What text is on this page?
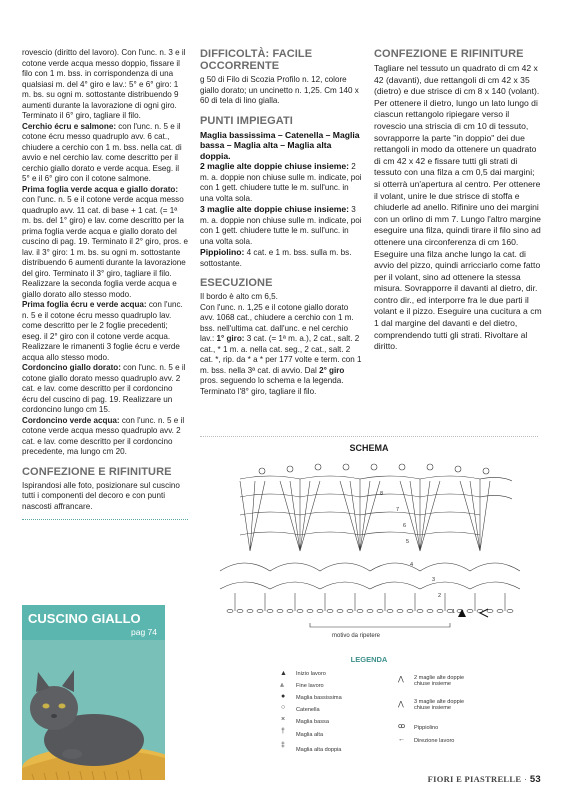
rovescio (diritto del lavoro). Con l'unc. n. 3 e il cotone verde acqua messo doppio, fissare il filo con 1 m. bss. in corrispondenza di una qualsiasi m. del 4° giro e lav.: 5° e 6° giro: 1 m. bs. su ogni m. sottostante distribuendo 9 aumenti durante la lavorazione di ogni giro. Terminato il 6° giro, tagliare il filo.

Cerchio écru e salmone: con l'unc. n. 5 e il cotone écru messo quadruplo avv. 6 cat., chiudere a cerchio con 1 m. bss. nella cat. di avvio e nel cerchio lav. come descritto per il cerchio giallo dorato e verde acqua. Eseg. il 5° e il 6° giro con il cotone salmone.

Prima foglia verde acqua e giallo dorato: con l'unc. n. 5 e il cotone verde acqua messo quadruplo avv. 11 cat. di base + 1 cat. (= 1ª m. bs. del 1° giro) e lav. come descritto per la prima foglia verde acqua e giallo dorato del cuscino di pag. 19. Terminato il 2° giro, pros. e lav. il 3° giro: 1 m. bs. su ogni m. sottostante distribuendo 6 aumenti durante la lavorazione del giro. Terminato il 3° giro, tagliare il filo. Realizzare la seconda foglia verde acqua e giallo dorato allo stesso modo.

Prima foglia écru e verde acqua: con l'unc. n. 5 e il cotone écru messo quadruplo lav. come descritto per le 2 foglie precedenti; eseg. il 2° giro con il cotone verde acqua. Realizzare le rimanenti 3 foglie écru e verde acqua allo stesso modo.

Cordoncino giallo dorato: con l'unc. n. 5 e il cotone giallo dorato messo quadruplo avv. 2 cat. e lav. come descritto per il cordoncino écru del cuscino di pag. 19. Realizzare un cordoncino lungo cm 15.

Cordoncino verde acqua: con l'unc. n. 5 e il cotone verde acqua messo quadruplo avv. 2 cat. e lav. come descritto per il cordoncino precedente, ma lungo cm 20.

CONFEZIONE E RIFINITURE

Ispirandosi alle foto, posizionare sul cuscino tutti i componenti del decoro e con punti nascosti affrancare.

CUSCINO GIALLO
pag 74
DIFFICOLTÀ: FACILE
OCCORRENTE

g 50 di Filo di Scozia Profilo n. 12, colore giallo dorato; un uncinetto n. 1,25. Cm 140 x 60 di tela di lino gialla.

PUNTI IMPIEGATI

Maglia bassissima – Catenella – Maglia bassa – Maglia alta – Maglia alta doppia.

2 maglie alte doppie chiuse insieme: 2 m. a. doppie non chiuse sulle m. indicate, poi con 1 gett. chiudere tutte le m. sull'unc. in una volta sola.

3 maglie alte doppie chiuse insieme: 3 m. a. doppie non chiuse sulle m. indicate, poi con 1 gett. chiudere tutte le m. sull'unc. in una volta sola.

Pippiolino: 4 cat. e 1 m. bss. sulla m. bs. sottostante.

ESECUZIONE

Il bordo è alto cm 6,5.

Con l'unc. n. 1,25 e il cotone giallo dorato avv. 1068 cat., chiudere a cerchio con 1 m. bss. nell'ultima cat. dall'unc. e nel cerchio lav.: 1° giro: 3 cat. (= 1ª m. a.), 2 cat., salt. 2 cat., * 1 m. a. nella cat. seg., 2 cat., salt. 2 cat. *, rip. da * a * per 177 volte e term. con 1 m. bss. nella 3ª cat. di avvio. Dal 2° giro pros. seguendo lo schema e la legenda. Terminato l'8° giro, tagliare il filo.

CONFEZIONE E RIFINITURE

Tagliare nel tessuto un quadrato di cm 42 x 42 (davanti), due rettangoli di cm 42 x 35 (dietro) e due strisce di cm 8 x 140 (volant). Per ottenere il dietro, lungo un lato lungo di ciascun rettangolo ripiegare verso il rovescio una striscia di cm 10 di tessuto, sovrapporre la parte "in doppio" dei due rettangoli in modo da ottenere un quadrato di cm 42 x 42 e fissare tutti gli strati di tessuto con una filza a cm 0,5 dai margini; si otterrà un'apertura al centro. Per ottenere il volant, unire le due strisce di stoffa e chiuderle ad anello. Rifinire uno dei margini con un orlino di mm 7. Lungo l'altro margine eseguire una filza, quindi tirare il filo sino ad ottenere una circonferenza di cm 160. Eseguire una filza anche lungo la cat. di avvio del pizzo, quindi arricciarlo come fatto per il volant, sino ad ottenere la stessa misura. Sovrapporre il davanti al dietro, dir. contro dir., ed interporre fra le due parti il volant e il pizzo. Eseguire una cucitura a cm 1 dal margine del davanti e del dietro, comprendendo tutti gli strati. Rivoltare al diritto.

SCHEMA
7
6
5
4
3
2
1
8
motivo da ripetere
LEGENDA
▲ Inizio lavoro
⩓ Fine lavoro
● Maglia bassissima
○ Catenella
× Maglia bassa
† Maglia alta
‡
Maglia alta doppia
⋀ 2 maglie alte doppie chiuse insieme
⋀ 3 maglie alte doppie chiuse insieme
ꝏ Pippiolino
← Direzione lavoro
FIORI E PIASTRELLE · 53
